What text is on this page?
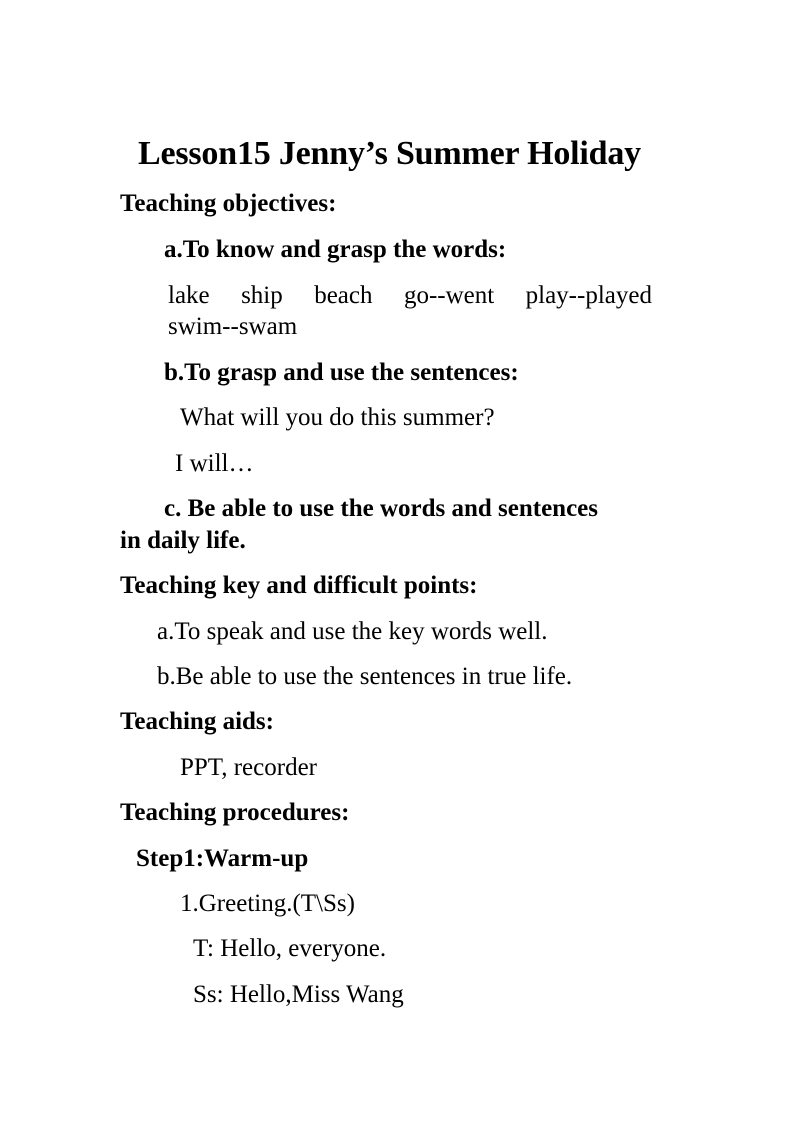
Lesson15 Jenny’s Summer Holiday
Teaching objectives:
a.To know and grasp the words:
lake ship beach go--went play--played
swim--swam
b.To grasp and use the sentences:
What will you do this summer?
I will…
c. Be able to use the words and sentences
in daily life.
Teaching key and difficult points:
a.To speak and use the key words well.
b.Be able to use the sentences in true life.
Teaching aids:
PPT, recorder
Teaching procedures:
Step1:Warm-up
1.Greeting.(T\Ss)
T: Hello, everyone.
Ss: Hello,Miss Wang
